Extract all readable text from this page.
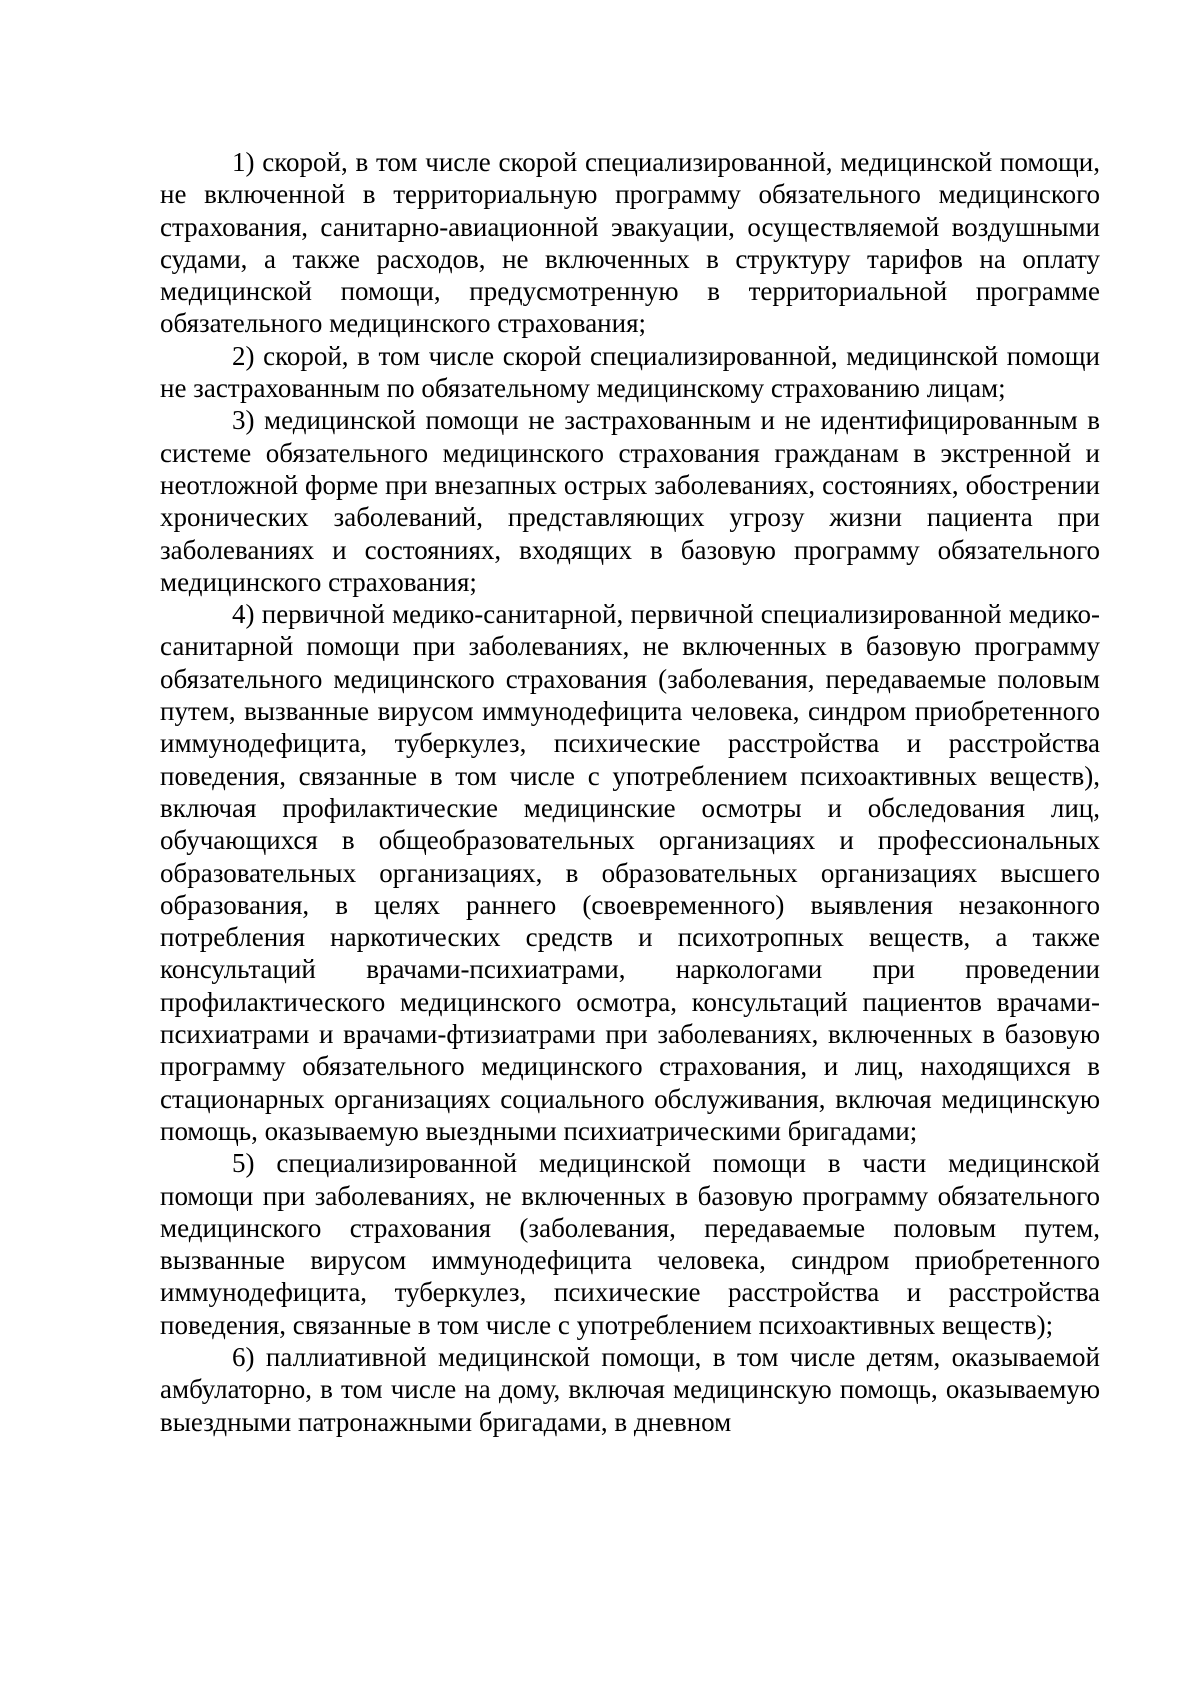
1) скорой, в том числе скорой специализированной, медицинской помощи, не включенной в территориальную программу обязательного медицинского страхования, санитарно-авиационной эвакуации, осуществляемой воздушными судами, а также расходов, не включенных в структуру тарифов на оплату медицинской помощи, предусмотренную в территориальной программе обязательного медицинского страхования;

2) скорой, в том числе скорой специализированной, медицинской помощи не застрахованным по обязательному медицинскому страхованию лицам;

3) медицинской помощи не застрахованным и не идентифицированным в системе обязательного медицинского страхования гражданам в экстренной и неотложной форме при внезапных острых заболеваниях, состояниях, обострении хронических заболеваний, представляющих угрозу жизни пациента при заболеваниях и состояниях, входящих в базовую программу обязательного медицинского страхования;

4) первичной медико-санитарной, первичной специализированной медико-санитарной помощи при заболеваниях, не включенных в базовую программу обязательного медицинского страхования (заболевания, передаваемые половым путем, вызванные вирусом иммунодефицита человека, синдром приобретенного иммунодефицита, туберкулез, психические расстройства и расстройства поведения, связанные в том числе с употреблением психоактивных веществ), включая профилактические медицинские осмотры и обследования лиц, обучающихся в общеобразовательных организациях и профессиональных образовательных организациях, в образовательных организациях высшего образования, в целях раннего (своевременного) выявления незаконного потребления наркотических средств и психотропных веществ, а также консультаций врачами-психиатрами, наркологами при проведении профилактического медицинского осмотра, консультаций пациентов врачами-психиатрами и врачами-фтизиатрами при заболеваниях, включенных в базовую программу обязательного медицинского страхования, и лиц, находящихся в стационарных организациях социального обслуживания, включая медицинскую помощь, оказываемую выездными психиатрическими бригадами;

5) специализированной медицинской помощи в части медицинской помощи при заболеваниях, не включенных в базовую программу обязательного медицинского страхования (заболевания, передаваемые половым путем, вызванные вирусом иммунодефицита человека, синдром приобретенного иммунодефицита, туберкулез, психические расстройства и расстройства поведения, связанные в том числе с употреблением психоактивных веществ);

6) паллиативной медицинской помощи, в том числе детям, оказываемой амбулаторно, в том числе на дому, включая медицинскую помощь, оказываемую выездными патронажными бригадами, в дневном
